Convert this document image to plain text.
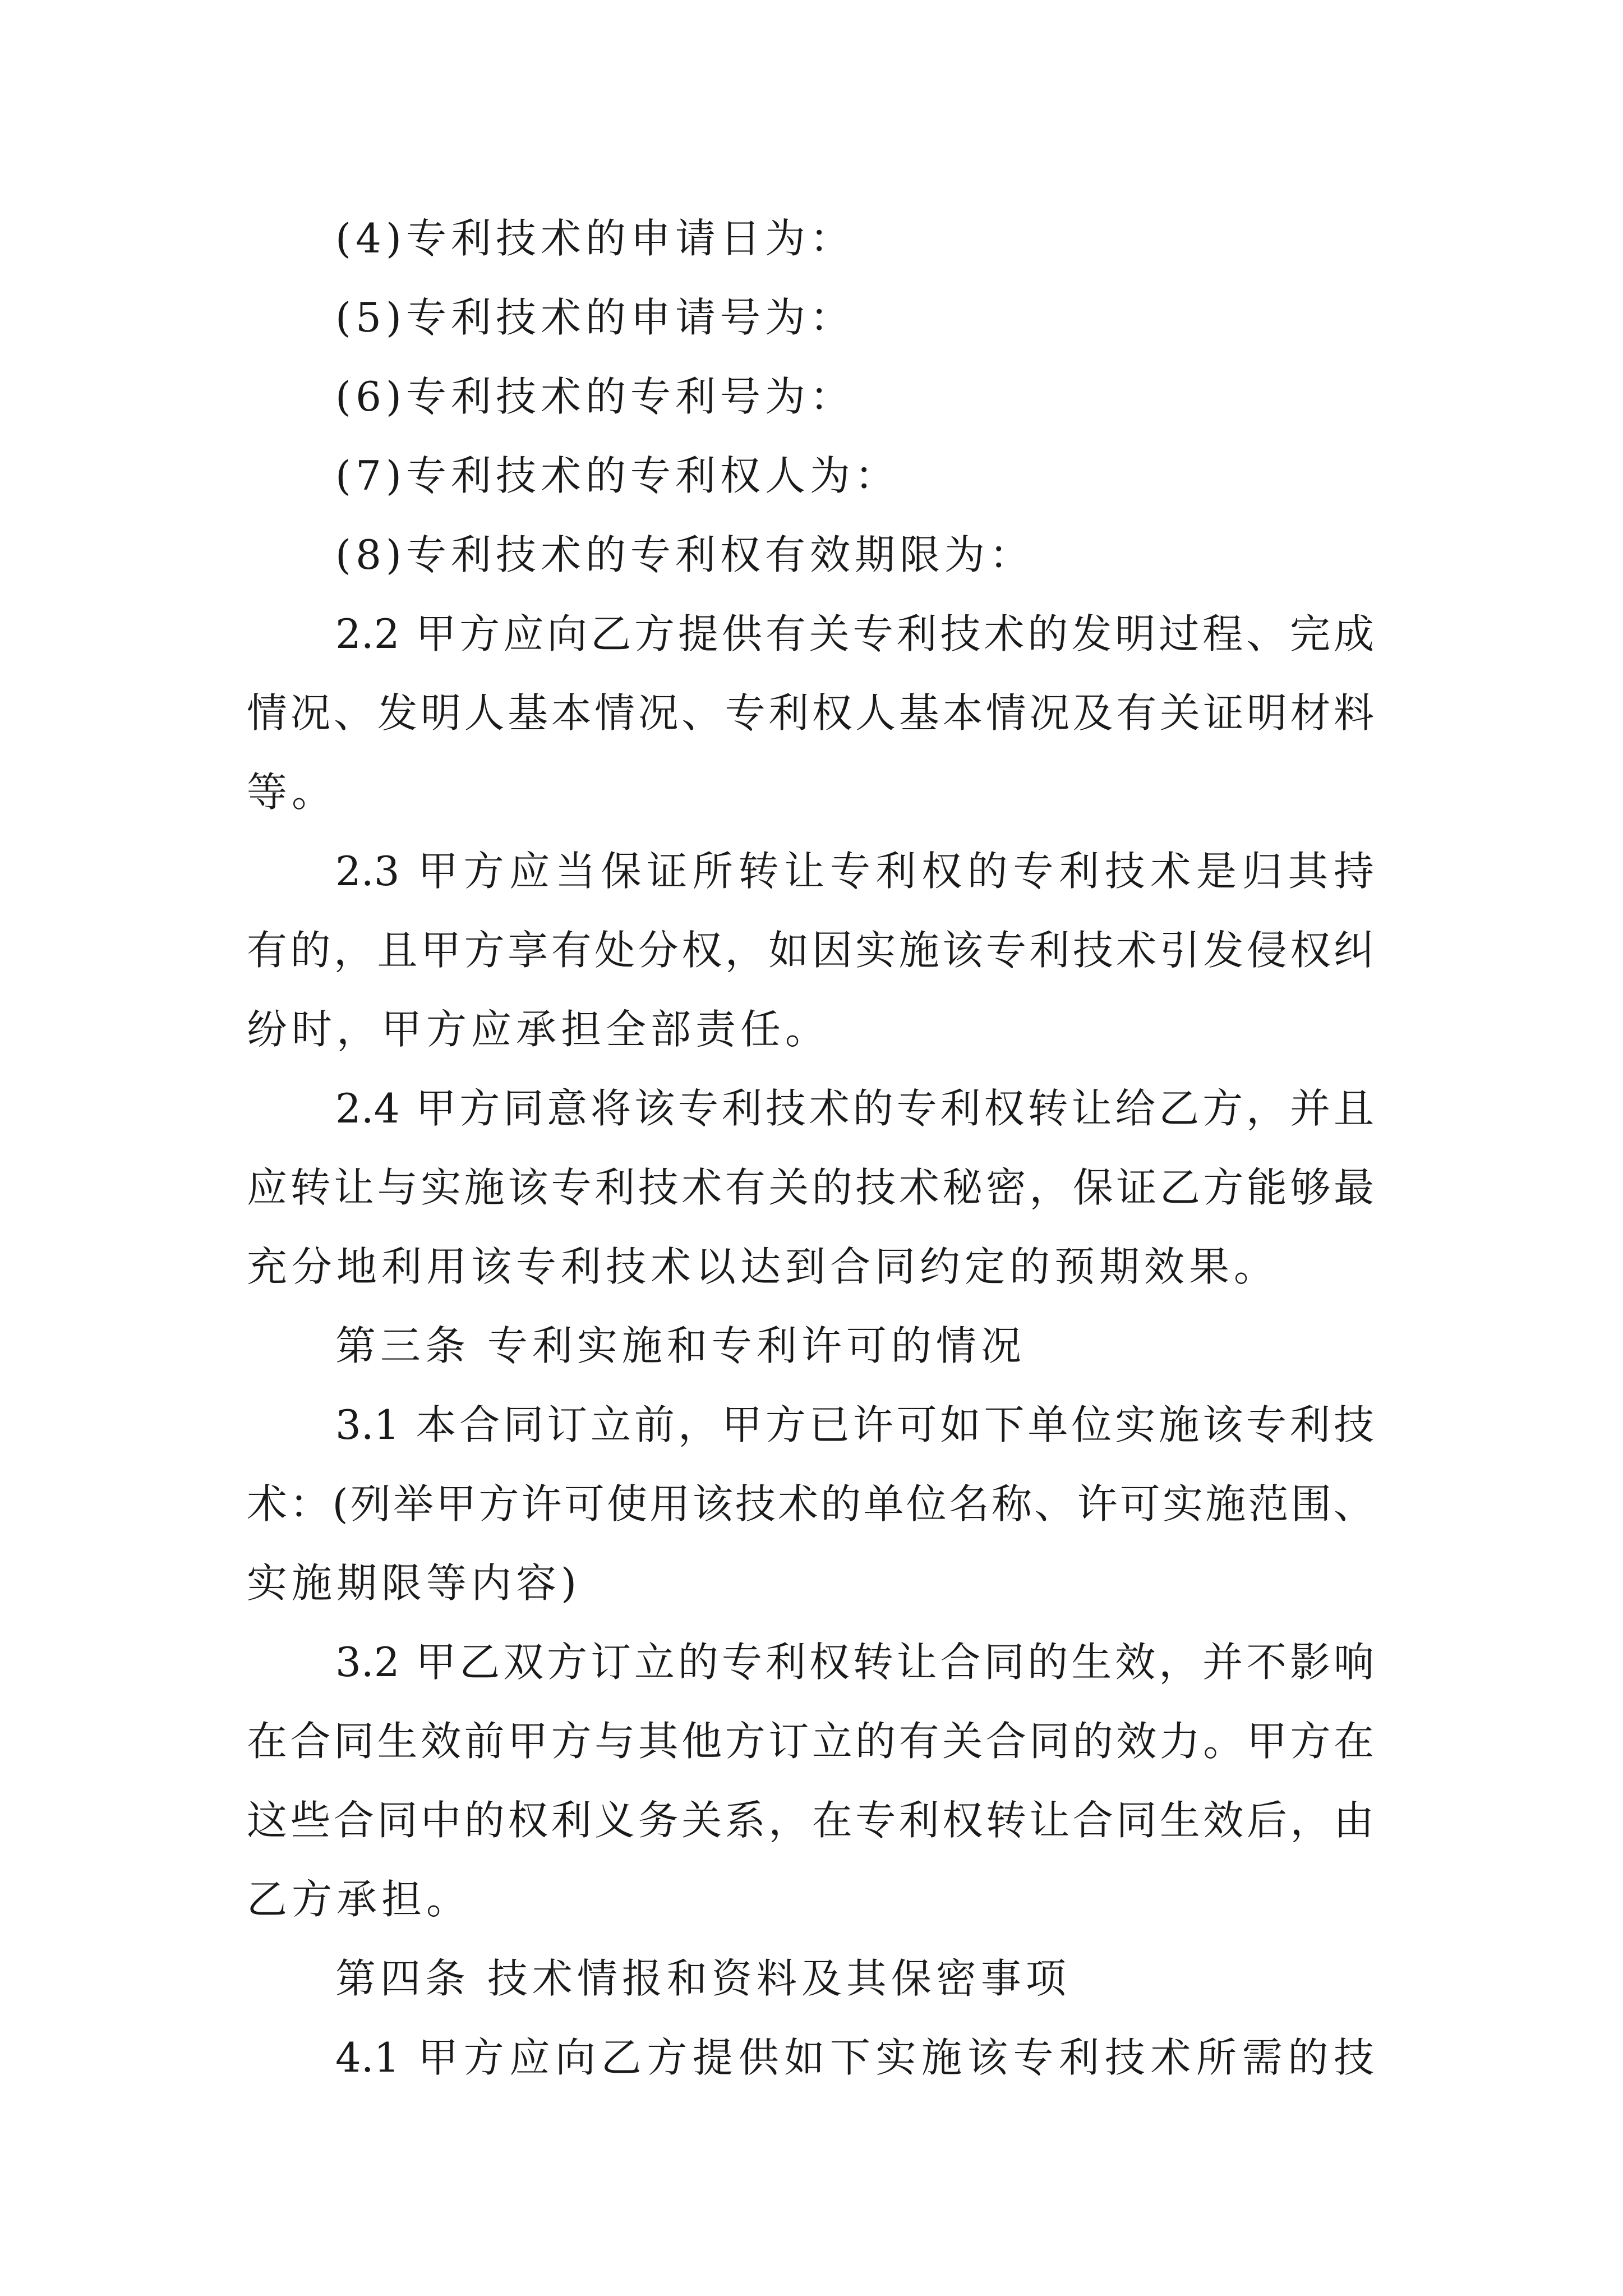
(4)专利技术的申请日为：
(5)专利技术的申请号为：
(6)专利技术的专利号为：
(7)专利技术的专利权人为：
(8)专利技术的专利权有效期限为：
2.2 甲方应向乙方提供有关专利技术的发明过程、完成
情况、发明人基本情况、专利权人基本情况及有关证明材料
等。
2.3 甲方应当保证所转让专利权的专利技术是归其持
有的，且甲方享有处分权，如因实施该专利技术引发侵权纠
纷时，甲方应承担全部责任。
2.4 甲方同意将该专利技术的专利权转让给乙方，并且
应转让与实施该专利技术有关的技术秘密，保证乙方能够最
充分地利用该专利技术以达到合同约定的预期效果。
第三条 专利实施和专利许可的情况
3.1 本合同订立前，甲方已许可如下单位实施该专利技
术：(列举甲方许可使用该技术的单位名称、许可实施范围、
实施期限等内容)
3.2 甲乙双方订立的专利权转让合同的生效，并不影响
在合同生效前甲方与其他方订立的有关合同的效力。甲方在
这些合同中的权利义务关系，在专利权转让合同生效后，由
乙方承担。
第四条 技术情报和资料及其保密事项
4.1 甲方应向乙方提供如下实施该专利技术所需的技
